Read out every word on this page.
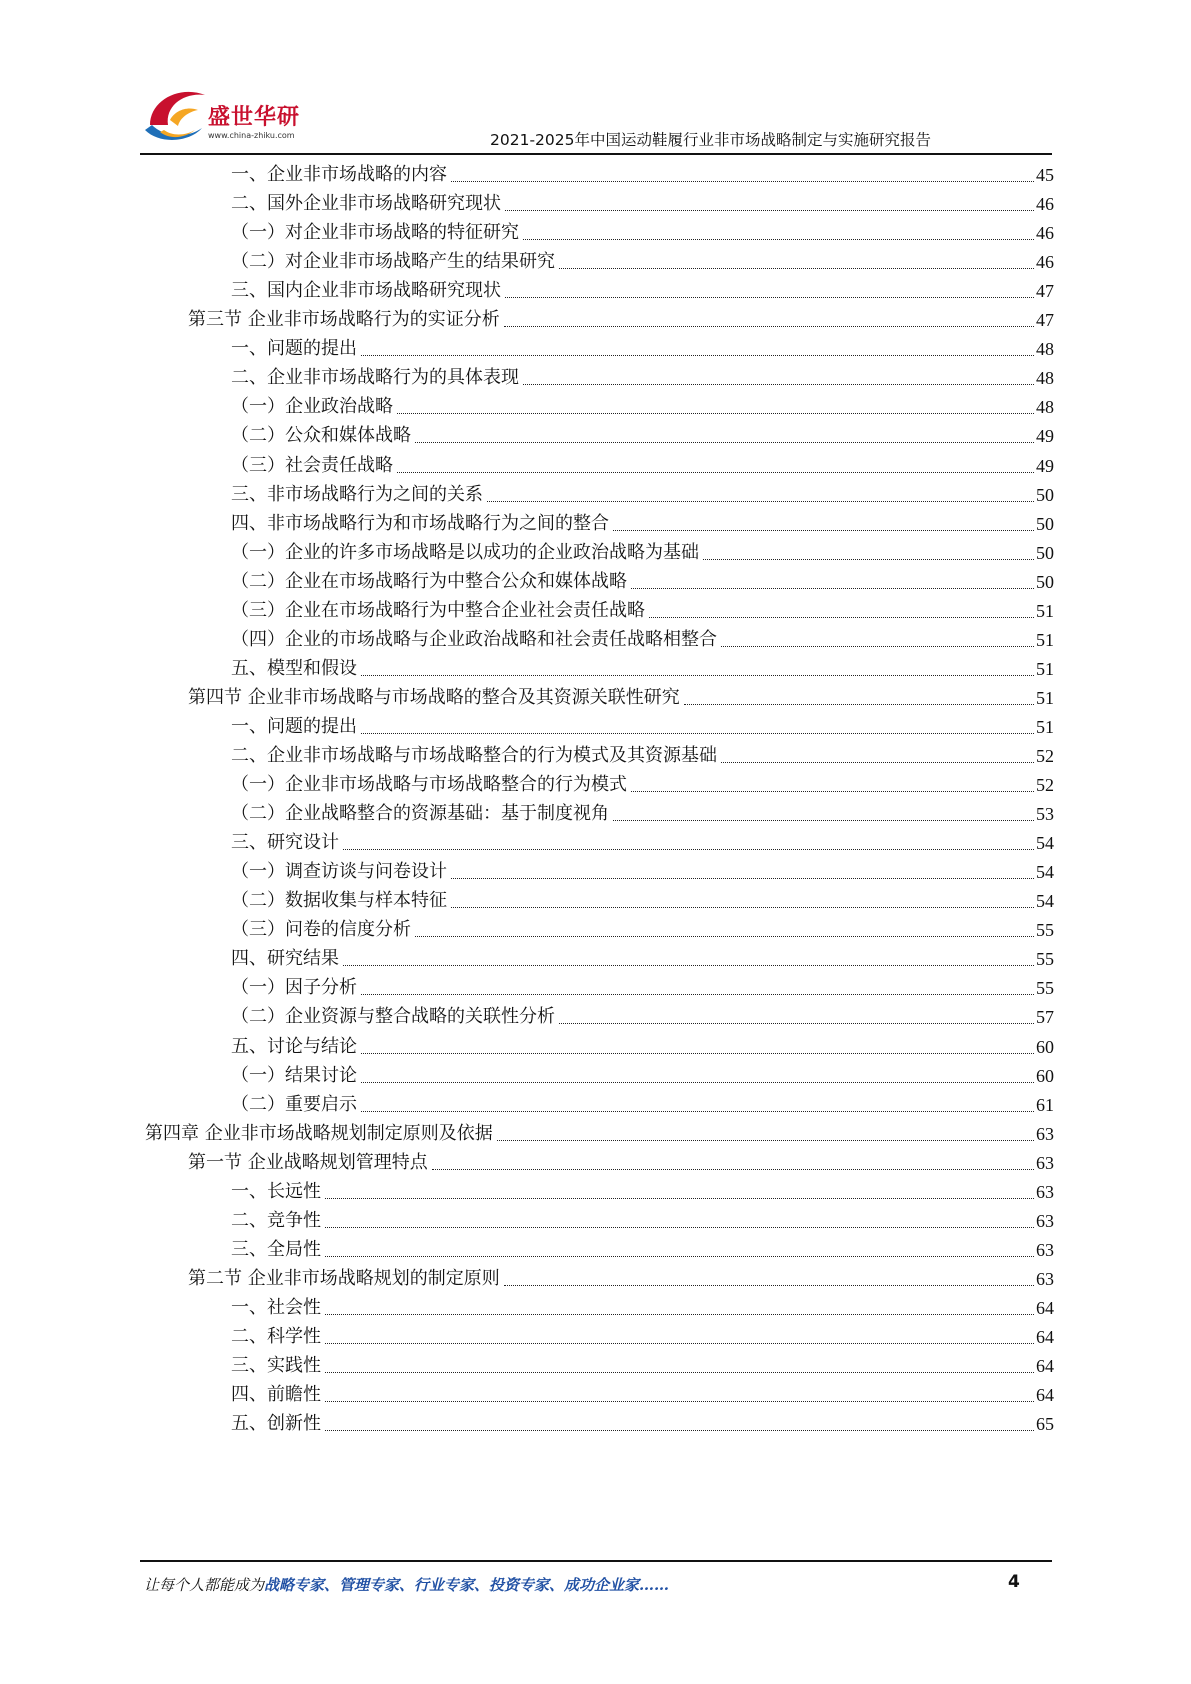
盛世华研
www.china-zhiku.com	2021-2025年中国运动鞋履行业非市场战略制定与实施研究报告
一、企业非市场战略的内容	45
二、国外企业非市场战略研究现状	46
（一）对企业非市场战略的特征研究	46
（二）对企业非市场战略产生的结果研究	46
三、国内企业非市场战略研究现状	47
第三节 企业非市场战略行为的实证分析	47
一、问题的提出	48
二、企业非市场战略行为的具体表现	48
（一）企业政治战略	48
（二）公众和媒体战略	49
（三）社会责任战略	49
三、非市场战略行为之间的关系	50
四、非市场战略行为和市场战略行为之间的整合	50
（一）企业的许多市场战略是以成功的企业政治战略为基础	50
（二）企业在市场战略行为中整合公众和媒体战略	50
（三）企业在市场战略行为中整合企业社会责任战略	51
（四）企业的市场战略与企业政治战略和社会责任战略相整合	51
五、模型和假设	51
第四节 企业非市场战略与市场战略的整合及其资源关联性研究	51
一、问题的提出	51
二、企业非市场战略与市场战略整合的行为模式及其资源基础	52
（一）企业非市场战略与市场战略整合的行为模式	52
（二）企业战略整合的资源基础：基于制度视角	53
三、研究设计	54
（一）调查访谈与问卷设计	54
（二）数据收集与样本特征	54
（三）问卷的信度分析	55
四、研究结果	55
（一）因子分析	55
（二）企业资源与整合战略的关联性分析	57
五、讨论与结论	60
（一）结果讨论	60
（二）重要启示	61
第四章 企业非市场战略规划制定原则及依据	63
第一节 企业战略规划管理特点	63
一、长远性	63
二、竞争性	63
三、全局性	63
第二节 企业非市场战略规划的制定原则	63
一、社会性	64
二、科学性	64
三、实践性	64
四、前瞻性	64
五、创新性	65
让每个人都能成为战略专家、管理专家、行业专家、投资专家、成功企业家……	4
